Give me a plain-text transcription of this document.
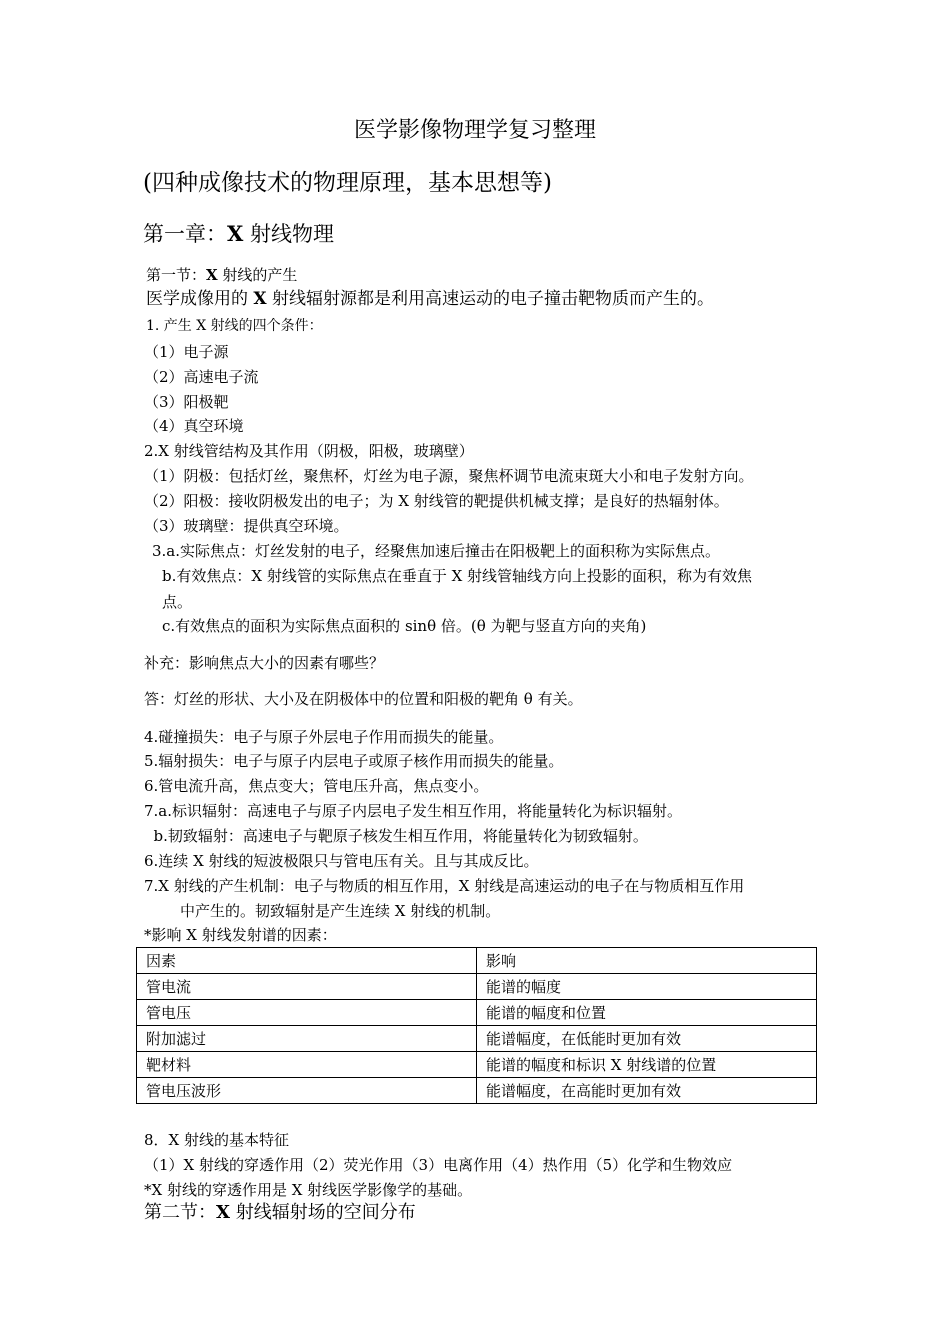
医学影像物理学复习整理
(四种成像技术的物理原理，基本思想等)
第一章：X 射线物理
第一节：X 射线的产生
医学成像用的 X 射线辐射源都是利用高速运动的电子撞击靶物质而产生的。
1. 产生 X 射线的四个条件：
（1）电子源
（2）高速电子流
（3）阳极靶
（4）真空环境
2.X 射线管结构及其作用（阴极，阳极，玻璃壁）
（1）阴极：包括灯丝，聚焦杯，灯丝为电子源，聚焦杯调节电流束斑大小和电子发射方向。
（2）阳极：接收阴极发出的电子；为 X 射线管的靶提供机械支撑；是良好的热辐射体。
（3）玻璃壁：提供真空环境。
3.a.实际焦点：灯丝发射的电子，经聚焦加速后撞击在阳极靶上的面积称为实际焦点。
b.有效焦点：X 射线管的实际焦点在垂直于 X 射线管轴线方向上投影的面积，称为有效焦
点。
c.有效焦点的面积为实际焦点面积的 sinθ 倍。(θ 为靶与竖直方向的夹角)
补充：影响焦点大小的因素有哪些？
答：灯丝的形状、大小及在阴极体中的位置和阳极的靶角 θ 有关。
4.碰撞损失：电子与原子外层电子作用而损失的能量。
5.辐射损失：电子与原子内层电子或原子核作用而损失的能量。
6.管电流升高，焦点变大；管电压升高，焦点变小。
7.a.标识辐射：高速电子与原子内层电子发生相互作用，将能量转化为标识辐射。
b.韧致辐射：高速电子与靶原子核发生相互作用，将能量转化为韧致辐射。
6.连续 X 射线的短波极限只与管电压有关。且与其成反比。
7.X 射线的产生机制：电子与物质的相互作用，X 射线是高速运动的电子在与物质相互作用
中产生的。韧致辐射是产生连续 X 射线的机制。
*影响 X 射线发射谱的因素：
因素	影响
管电流	能谱的幅度
管电压	能谱的幅度和位置
附加滤过	能谱幅度，在低能时更加有效
靶材料	能谱的幅度和标识 X 射线谱的位置
管电压波形	能谱幅度，在高能时更加有效
8．X 射线的基本特征
（1）X 射线的穿透作用（2）荧光作用（3）电离作用（4）热作用（5）化学和生物效应
*X 射线的穿透作用是 X 射线医学影像学的基础。
第二节：X 射线辐射场的空间分布
